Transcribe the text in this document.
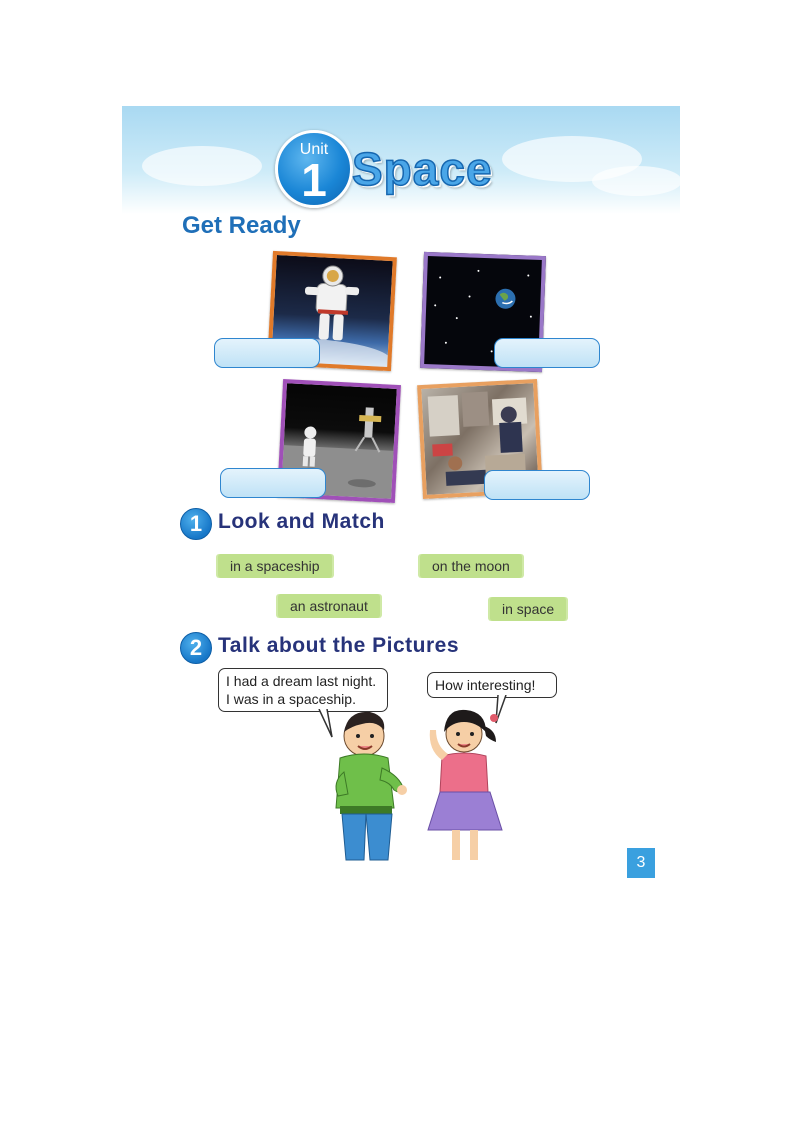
Unit
1 Space
Get Ready
1 Look and Match
in a spaceship	on the moon
an astronaut	in space
2 Talk about the Pictures
I had a dream last night.
I was in a spaceship.
How interesting!
3
